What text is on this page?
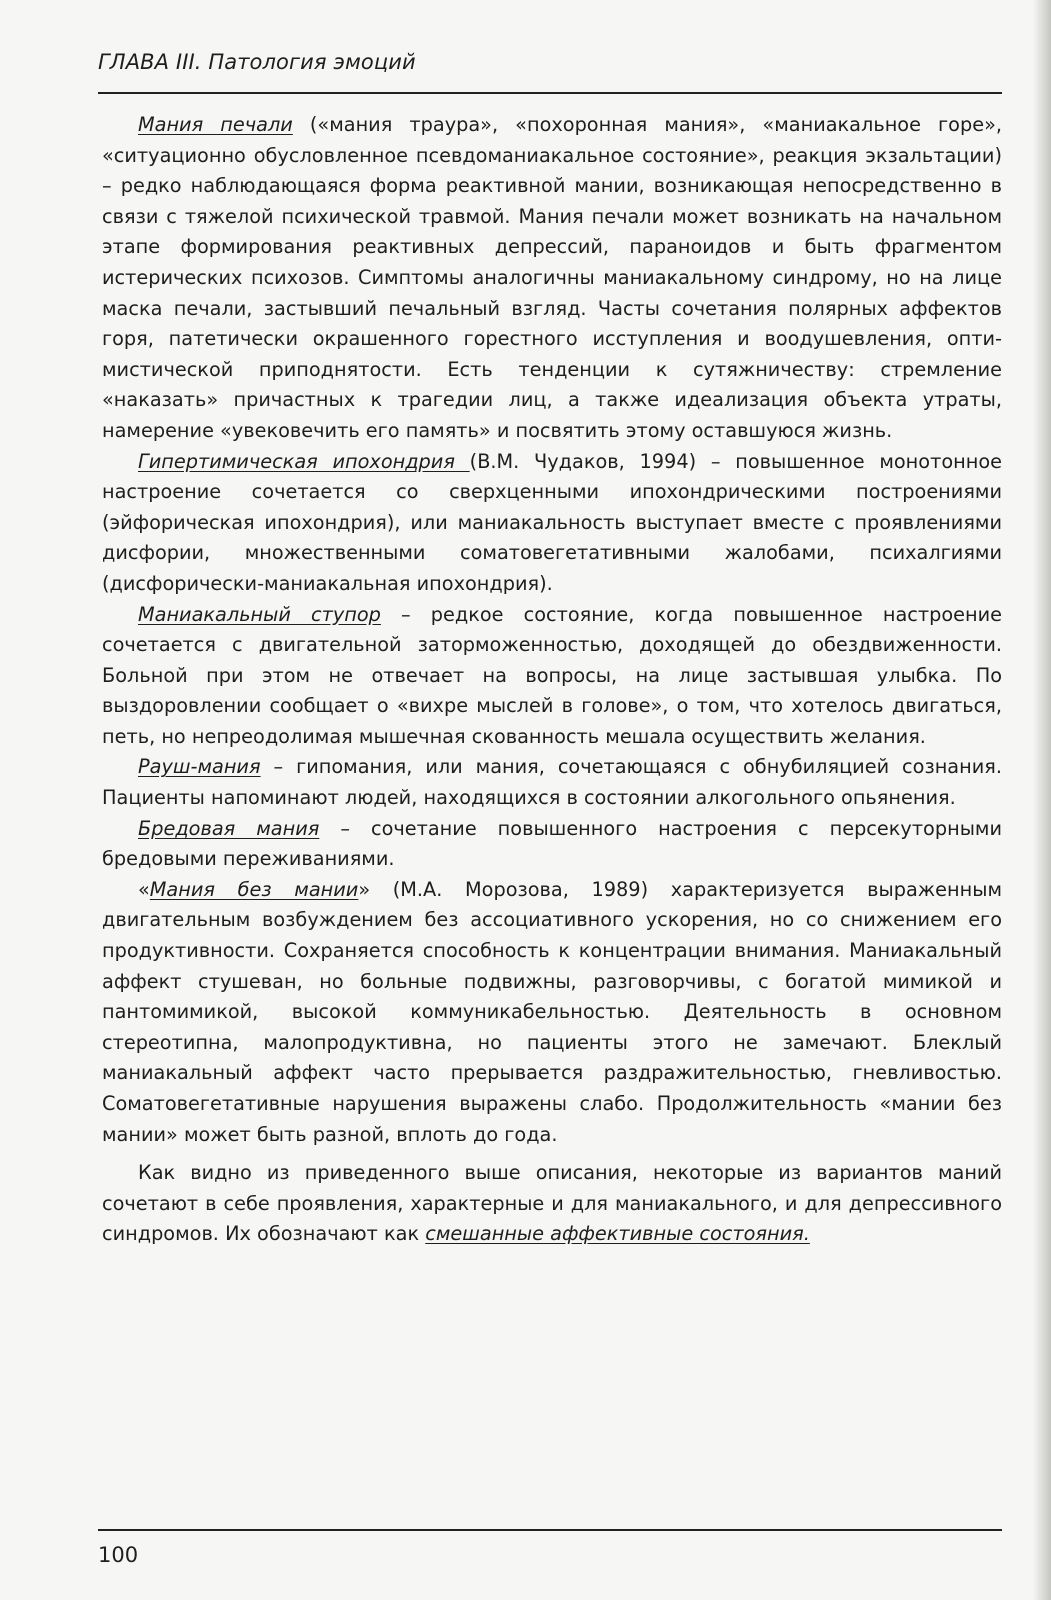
ГЛАВА III. Патология эмоций

Мания печали («мания траура», «похоронная мания», «маниакальное горе», «ситуационно обусловленное псевдоманиакальное состояние», реакция экзальтации) – редко наблюдающаяся форма реактивной мании, возникающая непосредственно в связи с тяжелой психической травмой. Мания печали может возникать на начальном этапе формирования реактивных депрессий, параноидов и быть фрагментом истерических психозов. Симптомы аналогичны маниакальному синдрому, но на лице маска печали, застывший печальный взгляд. Часты сочетания полярных аффектов горя, патетически окрашенного горестного исступления и воодушевления, оптимистической приподнятости. Есть тенденции к сутяжничеству: стремление «наказать» причастных к трагедии лиц, а также идеализация объекта утраты, намерение «увековечить его память» и посвятить этому оставшуюся жизнь.

Гипертимическая ипохондрия (В.М. Чудаков, 1994) – повышенное монотонное настроение сочетается со сверхценными ипохондрическими построениями (эйфорическая ипохондрия), или маниакальность выступает вместе с проявлениями дисфории, множественными соматовегетативными жалобами, психалгиями (дисфорически-маниакальная ипохондрия).

Маниакальный ступор – редкое состояние, когда повышенное настроение сочетается с двигательной заторможенностью, доходящей до обездвиженности. Больной при этом не отвечает на вопросы, на лице застывшая улыбка. По выздоровлении сообщает о «вихре мыслей в голове», о том, что хотелось двигаться, петь, но непреодолимая мышечная скованность мешала осуществить желания.

Рауш-мания – гипомания, или мания, сочетающаяся с обнубиляцией сознания. Пациенты напоминают людей, находящихся в состоянии алкогольного опьянения.

Бредовая мания – сочетание повышенного настроения с персекуторными бредовыми переживаниями.

«Мания без мании» (М.А. Морозова, 1989) характеризуется выраженным двигательным возбуждением без ассоциативного ускорения, но со снижением его продуктивности. Сохраняется способность к концентрации внимания. Маниакальный аффект стушеван, но больные подвижны, разговорчивы, с богатой мимикой и пантомимикой, высокой коммуникабельностью. Деятельность в основном стереотипна, малопродуктивна, но пациенты этого не замечают. Блеклый маниакальный аффект часто прерывается раздражительностью, гневливостью. Соматовегетативные нарушения выражены слабо. Продолжительность «мании без мании» может быть разной, вплоть до года.

Как видно из приведенного выше описания, некоторые из вариантов маний сочетают в себе проявления, характерные и для маниакального, и для депрессивного синдромов. Их обозначают как смешанные аффективные состояния.

100
